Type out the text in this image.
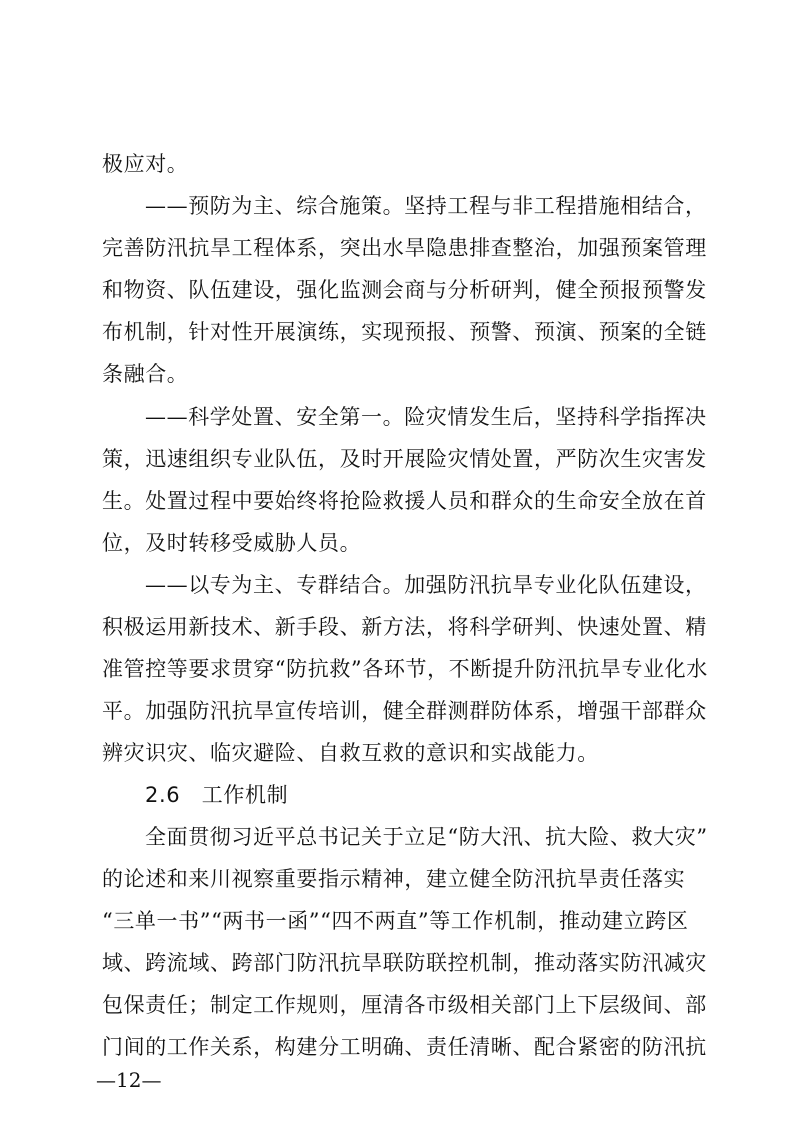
极应对。
——预防为主、综合施策。坚持工程与非工程措施相结合，
完善防汛抗旱工程体系，突出水旱隐患排查整治，加强预案管理
和物资、队伍建设，强化监测会商与分析研判，健全预报预警发
布机制，针对性开展演练，实现预报、预警、预演、预案的全链
条融合。
——科学处置、安全第一。险灾情发生后，坚持科学指挥决
策，迅速组织专业队伍，及时开展险灾情处置，严防次生灾害发
生。处置过程中要始终将抢险救援人员和群众的生命安全放在首
位，及时转移受威胁人员。
——以专为主、专群结合。加强防汛抗旱专业化队伍建设，
积极运用新技术、新手段、新方法，将科学研判、快速处置、精
准管控等要求贯穿“防抗救”各环节，不断提升防汛抗旱专业化水
平。加强防汛抗旱宣传培训，健全群测群防体系，增强干部群众
辨灾识灾、临灾避险、自救互救的意识和实战能力。
2.6　工作机制
全面贯彻习近平总书记关于立足“防大汛、抗大险、救大灾”
的论述和来川视察重要指示精神，建立健全防汛抗旱责任落实
“三单一书”“两书一函”“四不两直”等工作机制，推动建立跨区
域、跨流域、跨部门防汛抗旱联防联控机制，推动落实防汛减灾
包保责任；制定工作规则，厘清各市级相关部门上下层级间、部
门间的工作关系，构建分工明确、责任清晰、配合紧密的防汛抗
—12—
